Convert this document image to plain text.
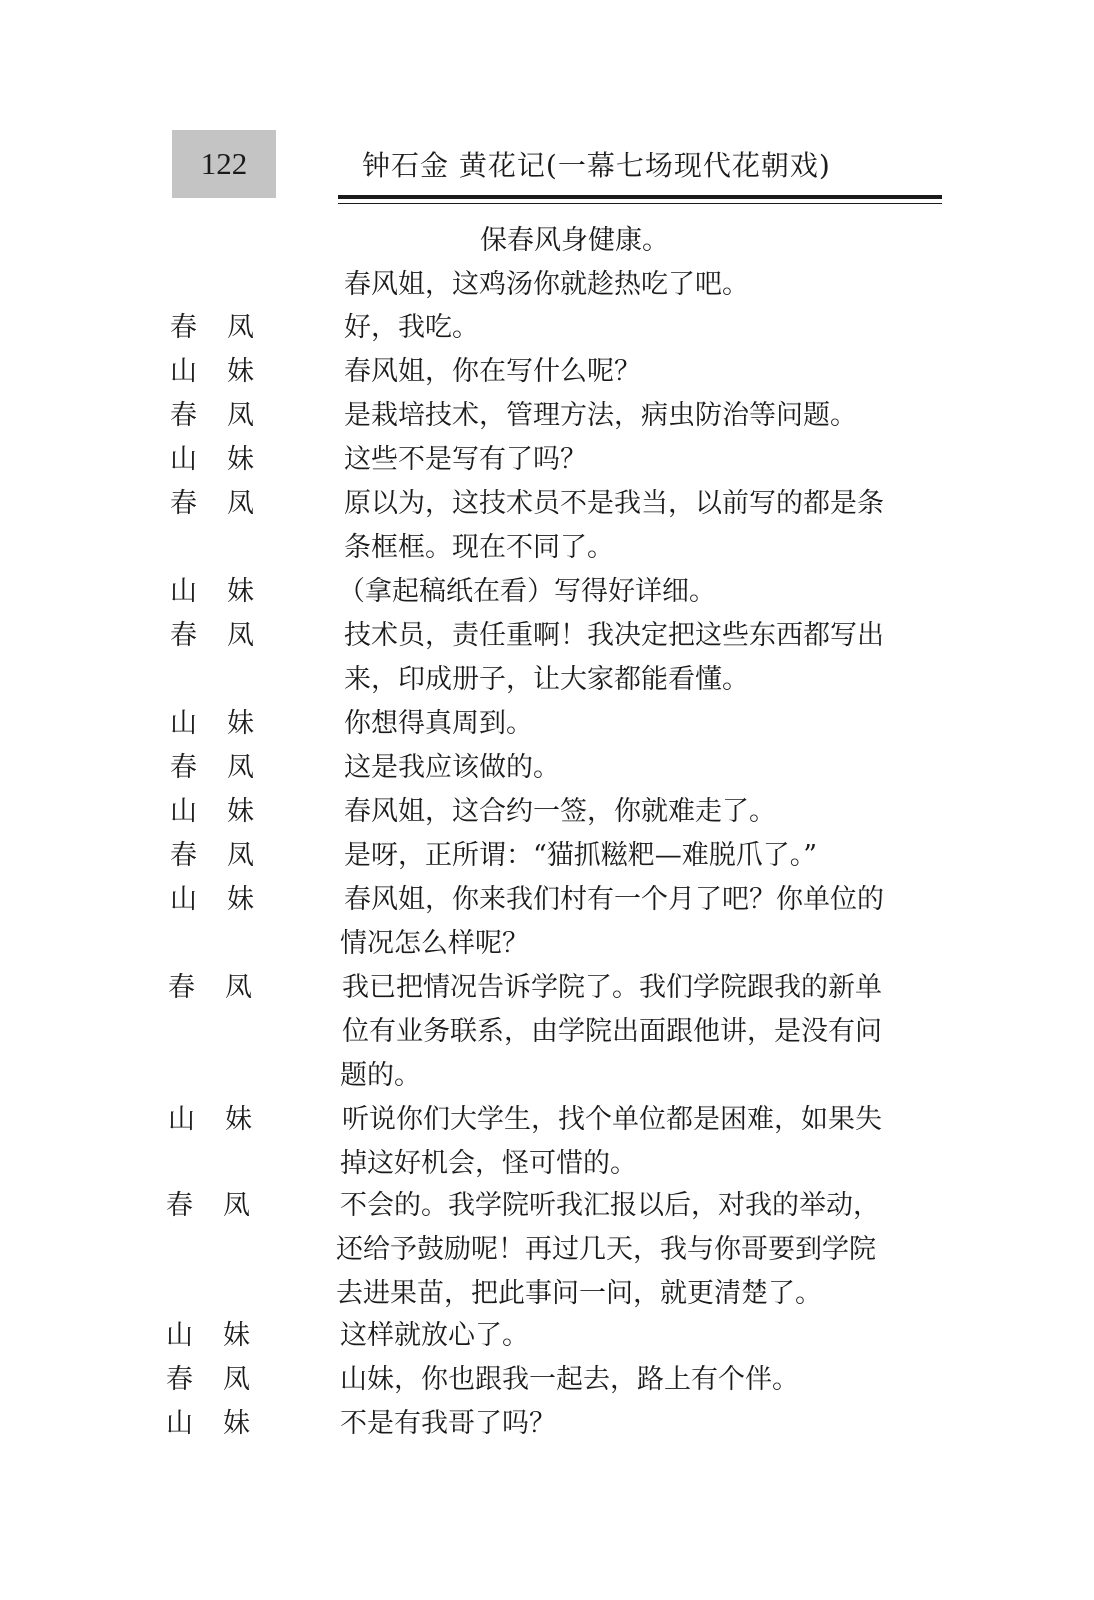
122	钟石金 黄花记(一幕七场现代花朝戏)
保春风身健康。
春风姐，这鸡汤你就趁热吃了吧。
春凤 好，我吃。
山妹 春风姐，你在写什么呢？
春凤 是栽培技术，管理方法，病虫防治等问题。
山妹 这些不是写有了吗？
春凤 原以为，这技术员不是我当，以前写的都是条
条框框。现在不同了。
山妹 （拿起稿纸在看）写得好详细。
春凤 技术员，责任重啊！我决定把这些东西都写出
来，印成册子，让大家都能看懂。
山妹 你想得真周到。
春凤 这是我应该做的。
山妹 春风姐，这合约一签，你就难走了。
春凤 是呀，正所谓：“猫抓糍粑—难脱爪了。”
山妹 春风姐，你来我们村有一个月了吧？你单位的
情况怎么样呢？
春凤 我已把情况告诉学院了。我们学院跟我的新单
位有业务联系，由学院出面跟他讲，是没有问
题的。
山妹 听说你们大学生，找个单位都是困难，如果失
掉这好机会，怪可惜的。
春凤 不会的。我学院听我汇报以后，对我的举动，
还给予鼓励呢！再过几天，我与你哥要到学院
去进果苗，把此事问一问，就更清楚了。
山妹 这样就放心了。
春凤 山妹，你也跟我一起去，路上有个伴。
山妹 不是有我哥了吗？
